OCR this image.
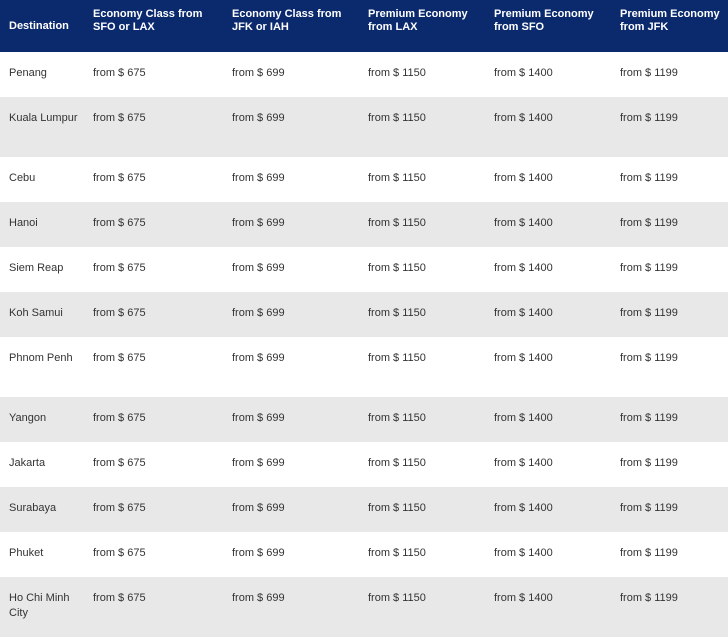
Destination	Economy Class from SFO or LAX	Economy Class from JFK or IAH	Premium Economy from LAX	Premium Economy from SFO	Premium Economy from JFK
Penang	from $ 675	from $ 699	from $ 1150	from $ 1400	from $ 1199
Kuala Lumpur	from $ 675	from $ 699	from $ 1150	from $ 1400	from $ 1199
Cebu	from $ 675	from $ 699	from $ 1150	from $ 1400	from $ 1199
Hanoi	from $ 675	from $ 699	from $ 1150	from $ 1400	from $ 1199
Siem Reap	from $ 675	from $ 699	from $ 1150	from $ 1400	from $ 1199
Koh Samui	from $ 675	from $ 699	from $ 1150	from $ 1400	from $ 1199
Phnom Penh	from $ 675	from $ 699	from $ 1150	from $ 1400	from $ 1199
Yangon	from $ 675	from $ 699	from $ 1150	from $ 1400	from $ 1199
Jakarta	from $ 675	from $ 699	from $ 1150	from $ 1400	from $ 1199
Surabaya	from $ 675	from $ 699	from $ 1150	from $ 1400	from $ 1199
Phuket	from $ 675	from $ 699	from $ 1150	from $ 1400	from $ 1199
Ho Chi Minh City	from $ 675	from $ 699	from $ 1150	from $ 1400	from $ 1199
